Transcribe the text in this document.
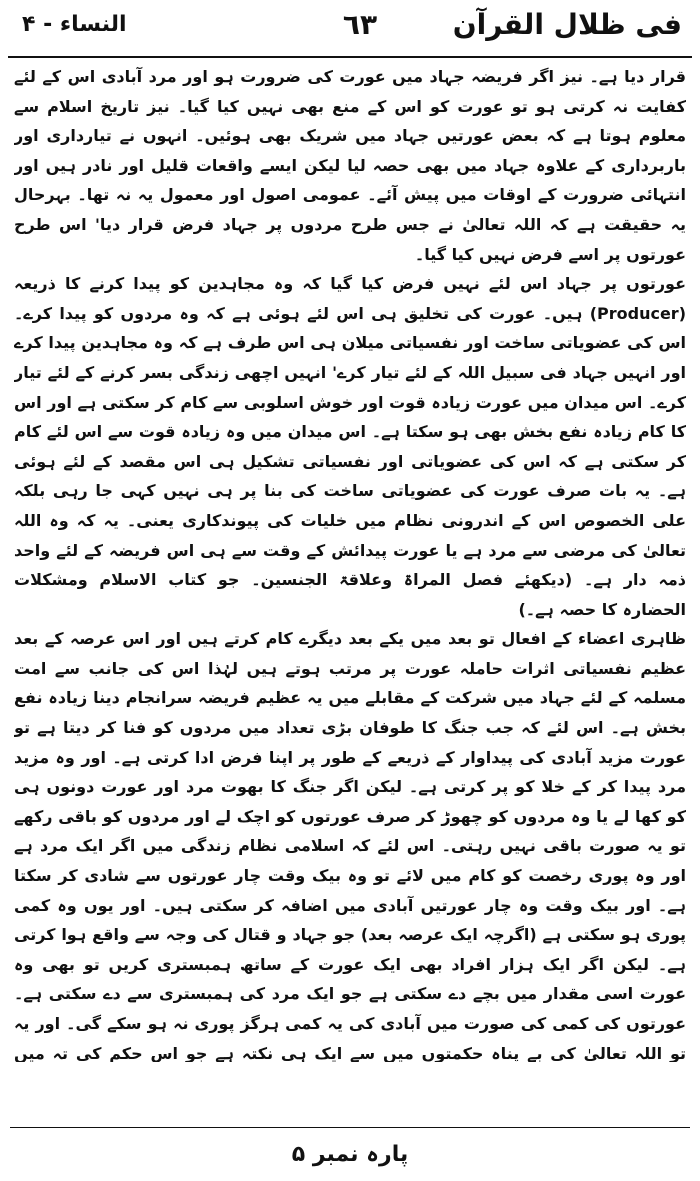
فی ظلال القرآن
٦٣
النساء - ۴

قرار دیا ہے۔ نیز اگر فریضہ جہاد میں عورت کی ضرورت ہو اور مرد آبادی اس کے لئے کفایت نہ کرتی ہو تو عورت کو اس کے منع بھی نہیں کیا گیا۔ نیز تاریخ اسلام سے معلوم ہوتا ہے کہ بعض عورتیں جہاد میں شریک بھی ہوئیں۔ انہوں نے تیارداری اور باربرداری کے علاوہ جہاد میں بھی حصہ لیا لیکن ایسے واقعات قلیل اور نادر ہیں اور انتہائی ضرورت کے اوقات میں پیش آئے۔ عمومی اصول اور معمول یہ نہ تھا۔ بہرحال یہ حقیقت ہے کہ اللہ تعالیٰ نے جس طرح مردوں پر جہاد فرض قرار دیا' اس طرح عورتوں پر اسے فرض نہیں کیا گیا۔

عورتوں پر جہاد اس لئے نہیں فرض کیا گیا کہ وہ مجاہدین کو پیدا کرنے کا ذریعہ (Producer) ہیں۔ عورت کی تخلیق ہی اس لئے ہوئی ہے کہ وہ مردوں کو پیدا کرے۔ اس کی عضویاتی ساخت اور نفسیاتی میلان ہی اس طرف ہے کہ وہ مجاہدین پیدا کرے اور انہیں جہاد فی سبیل اللہ کے لئے تیار کرے' انہیں اچھی زندگی بسر کرنے کے لئے تیار کرے۔ اس میدان میں عورت زیادہ قوت اور خوش اسلوبی سے کام کر سکتی ہے اور اس کا کام زیادہ نفع بخش بھی ہو سکتا ہے۔ اس میدان میں وہ زیادہ قوت سے اس لئے کام کر سکتی ہے کہ اس کی عضویاتی اور نفسیاتی تشکیل ہی اس مقصد کے لئے ہوئی ہے۔ یہ بات صرف عورت کی عضویاتی ساخت کی بنا پر ہی نہیں کہی جا رہی بلکہ علی الخصوص اس کے اندرونی نظام میں خلیات کی پیوندکاری یعنی۔ یہ کہ وہ اللہ تعالیٰ کی مرضی سے مرد ہے یا عورت پیدائش کے وقت سے ہی اس فریضہ کے لئے واحد ذمہ دار ہے۔ (دیکھئے فصل المراۃ وعلاقۃ الجنسین۔ جو کتاب الاسلام ومشکلات الحضارہ کا حصہ ہے۔)

ظاہری اعضاء کے افعال تو بعد میں یکے بعد دیگرے کام کرتے ہیں اور اس عرصہ کے بعد عظیم نفسیاتی اثرات حاملہ عورت پر مرتب ہوتے ہیں لہٰذا اس کی جانب سے امت مسلمہ کے لئے جہاد میں شرکت کے مقابلے میں یہ عظیم فریضہ سرانجام دینا زیادہ نفع بخش ہے۔ اس لئے کہ جب جنگ کا طوفان بڑی تعداد میں مردوں کو فنا کر دیتا ہے تو عورت مزید آبادی کی پیداوار کے ذریعے کے طور پر اپنا فرض ادا کرتی ہے۔ اور وہ مزید مرد پیدا کر کے خلا کو پر کرتی ہے۔ لیکن اگر جنگ کا بھوت مرد اور عورت دونوں ہی کو کھا لے یا وہ مردوں کو چھوڑ کر صرف عورتوں کو اچک لے اور مردوں کو باقی رکھے تو یہ صورت باقی نہیں رہتی۔ اس لئے کہ اسلامی نظام زندگی میں اگر ایک مرد ہے اور وہ پوری رخصت کو کام میں لائے تو وہ بیک وقت چار عورتوں سے شادی کر سکتا ہے۔ اور بیک وقت وہ چار عورتیں آبادی میں اضافہ کر سکتی ہیں۔ اور یوں وہ کمی پوری ہو سکتی ہے (اگرچہ ایک عرصہ بعد) جو جہاد و قتال کی وجہ سے واقع ہوا کرتی ہے۔ لیکن اگر ایک ہزار افراد بھی ایک عورت کے ساتھ ہمبستری کریں تو بھی وہ عورت اسی مقدار میں بچے دے سکتی ہے جو ایک مرد کی ہمبستری سے دے سکتی ہے۔ عورتوں کی کمی کی صورت میں آبادی کی یہ کمی ہرگز پوری نہ ہو سکے گی۔ اور یہ تو اللہ تعالیٰ کی بے پناہ حکمتوں میں سے ایک ہی نکتہ ہے جو اس حکم کی تہ میں

پارہ نمبر ۵
